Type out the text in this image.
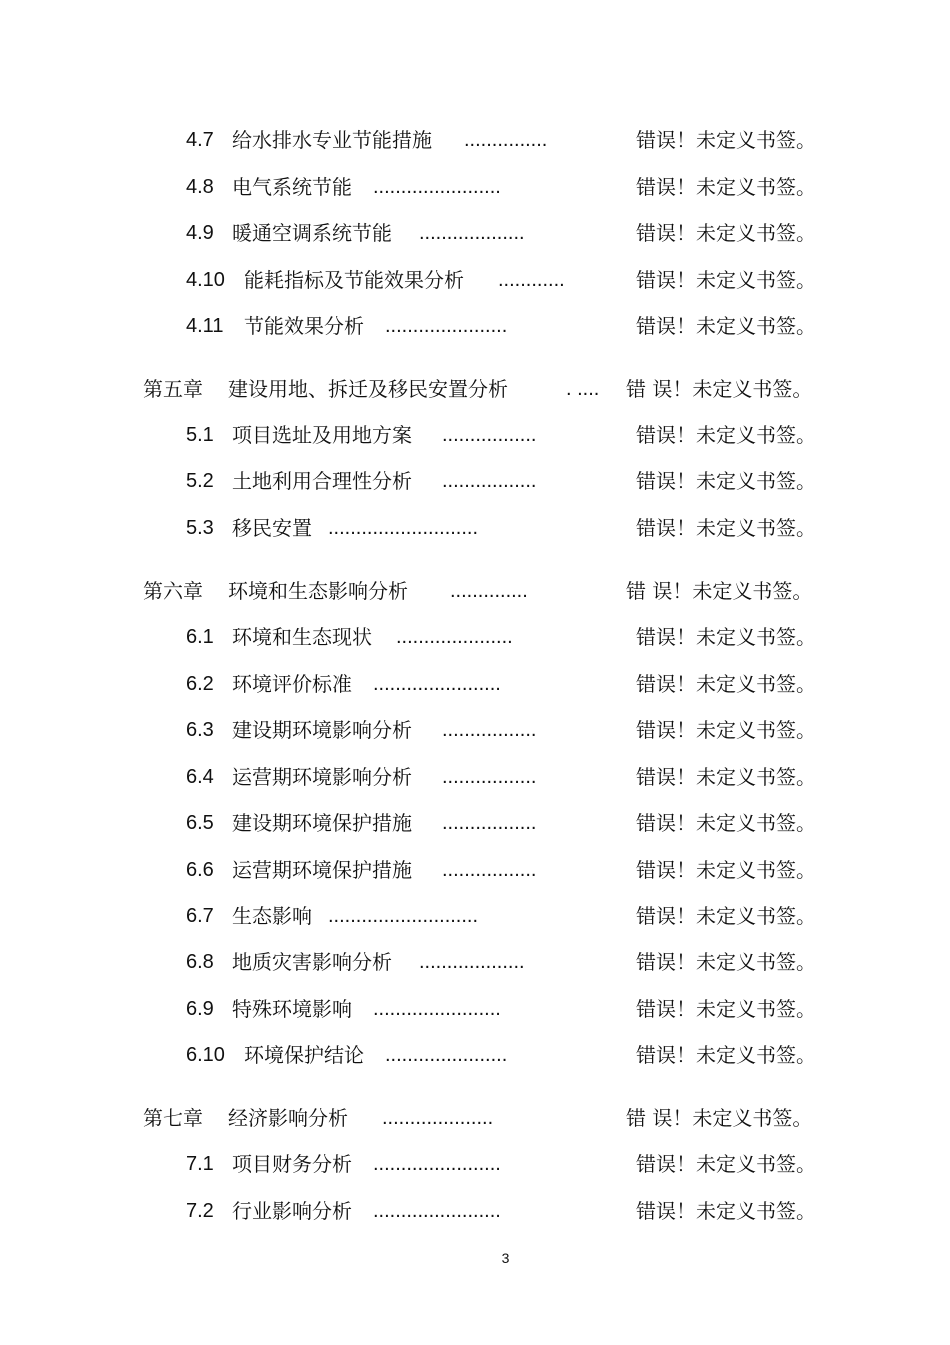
4.7 给水排水专业节能措施 ...............	错误！未定义书签。
4.8 电气系统节能 .......................	错误！未定义书签。
4.9 暖通空调系统节能 ...................	错误！未定义书签。
4.10 能耗指标及节能效果分析 ............	错误！未定义书签。
4.11 节能效果分析 ......................	错误！未定义书签。
第五章 建设用地、拆迁及移民安置分析	. .... 错 误！未定义书签。
5.1 项目选址及用地方案 .................	错误！未定义书签。
5.2 土地利用合理性分析 .................	错误！未定义书签。
5.3 移民安置 ...........................	错误！未定义书签。
第六章 环境和生态影响分析 ..............	错 误！未定义书签。
6.1 环境和生态现状 .....................	错误！未定义书签。
6.2 环境评价标准 .......................	错误！未定义书签。
6.3 建设期环境影响分析 .................	错误！未定义书签。
6.4 运营期环境影响分析 .................	错误！未定义书签。
6.5 建设期环境保护措施 .................	错误！未定义书签。
6.6 运营期环境保护措施 .................	错误！未定义书签。
6.7 生态影响 ...........................	错误！未定义书签。
6.8 地质灾害影响分析 ...................	错误！未定义书签。
6.9 特殊环境影响 .......................	错误！未定义书签。
6.10 环境保护结论 ......................	错误！未定义书签。
第七章 经济影响分析 ....................	错 误！未定义书签。
7.1 项目财务分析 .......................	错误！未定义书签。
7.2 行业影响分析 .......................	错误！未定义书签。
3
